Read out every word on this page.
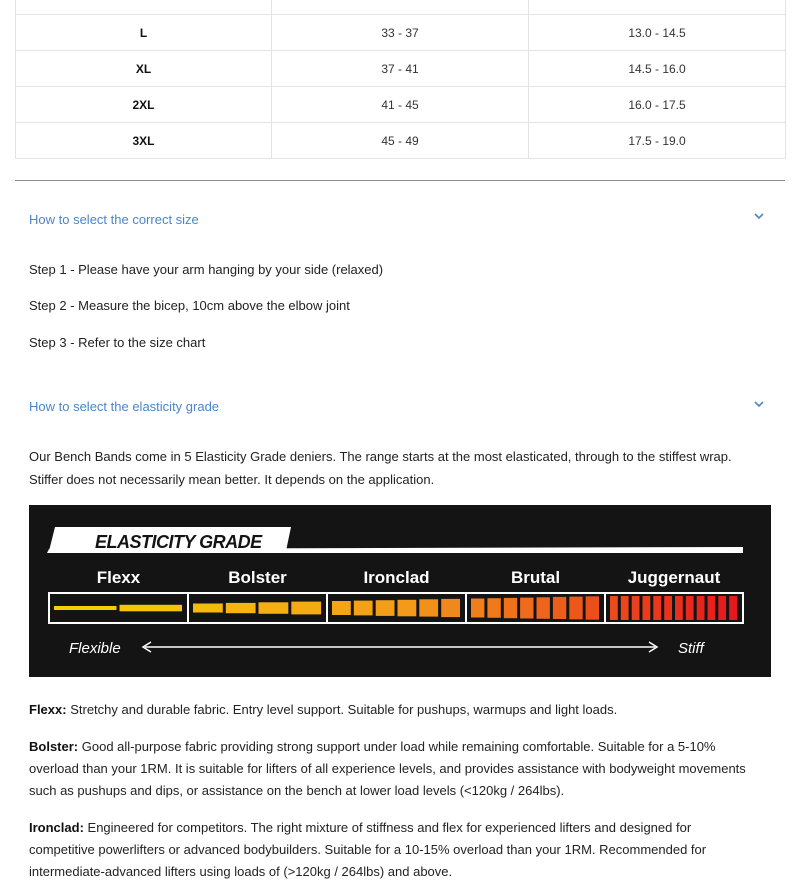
L	33 - 37	13.0 - 14.5
XL	37 - 41	14.5 - 16.0
2XL	41 - 45	16.0 - 17.5
3XL	45 - 49	17.5 - 19.0
How to select the correct size
Step 1 - Please have your arm hanging by your side (relaxed)
Step 2 - Measure the bicep, 10cm above the elbow joint
Step 3 - Refer to the size chart
How to select the elasticity grade
Our Bench Bands come in 5 Elasticity Grade deniers. The range starts at the most elasticated, through to the stiffest wrap.
Stiffer does not necessarily mean better. It depends on the application.
ELASTICITY GRADE
Flexx	Bolster	Ironclad	Brutal	Juggernaut
Flexible	Stiff
Flexx: Stretchy and durable fabric. Entry level support. Suitable for pushups, warmups and light loads.
Bolster: Good all-purpose fabric providing strong support under load while remaining comfortable. Suitable for a 5-10%
overload than your 1RM. It is suitable for lifters of all experience levels, and provides assistance with bodyweight movements
such as pushups and dips, or assistance on the bench at lower load levels (<120kg / 264lbs).
Ironclad: Engineered for competitors. The right mixture of stiffness and flex for experienced lifters and designed for
competitive powerlifters or advanced bodybuilders. Suitable for a 10-15% overload than your 1RM. Recommended for
intermediate-advanced lifters using loads of (>120kg / 264lbs) and above.
